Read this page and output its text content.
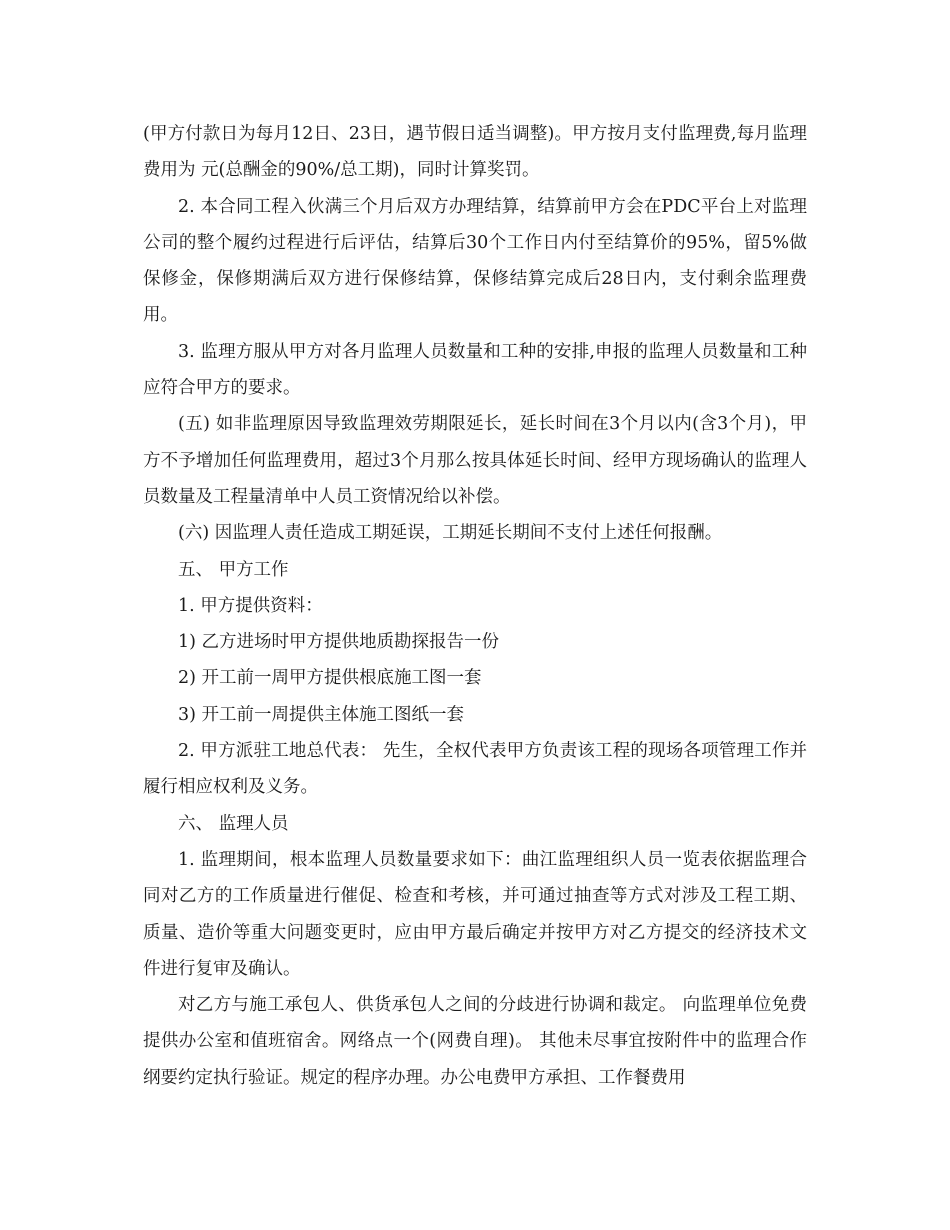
(甲方付款日为每月12日、23日，遇节假日适当调整)。甲方按月支付监理费,每月监理费用为 元(总酬金的90%/总工期)，同时计算奖罚。

2. 本合同工程入伙满三个月后双方办理结算，结算前甲方会在PDC平台上对监理公司的整个履约过程进行后评估，结算后30个工作日内付至结算价的95%，留5%做保修金，保修期满后双方进行保修结算，保修结算完成后28日内，支付剩余监理费用。

3. 监理方服从甲方对各月监理人员数量和工种的安排,申报的监理人员数量和工种应符合甲方的要求。

(五) 如非监理原因导致监理效劳期限延长，延长时间在3个月以内(含3个月)，甲方不予增加任何监理费用，超过3个月那么按具体延长时间、经甲方现场确认的监理人员数量及工程量清单中人员工资情况给以补偿。

(六) 因监理人责任造成工期延误，工期延长期间不支付上述任何报酬。

五、 甲方工作

1. 甲方提供资料：

1) 乙方进场时甲方提供地质勘探报告一份

2) 开工前一周甲方提供根底施工图一套

3) 开工前一周提供主体施工图纸一套

2. 甲方派驻工地总代表： 先生，全权代表甲方负责该工程的现场各项管理工作并履行相应权利及义务。

六、 监理人员

1. 监理期间，根本监理人员数量要求如下：曲江监理组织人员一览表依据监理合同对乙方的工作质量进行催促、检查和考核，并可通过抽查等方式对涉及工程工期、质量、造价等重大问题变更时，应由甲方最后确定并按甲方对乙方提交的经济技术文件进行复审及确认。

对乙方与施工承包人、供货承包人之间的分歧进行协调和裁定。 向监理单位免费提供办公室和值班宿舍。网络点一个(网费自理)。 其他未尽事宜按附件中的监理合作纲要约定执行验证。规定的程序办理。办公电费甲方承担、工作餐费用
